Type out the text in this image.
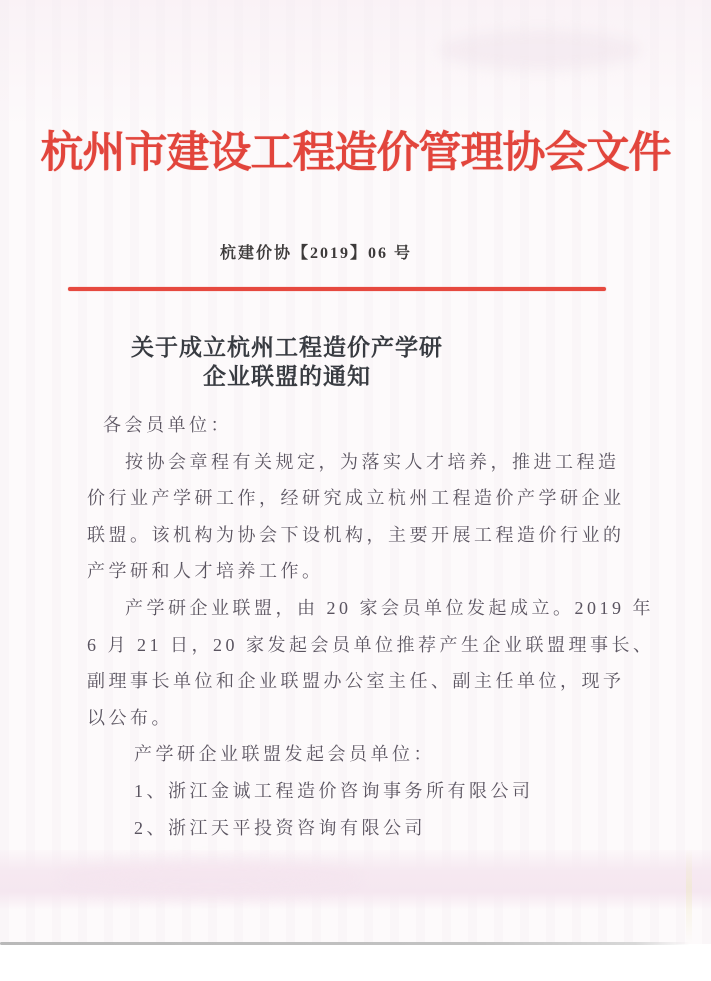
杭州市建设工程造价管理协会文件
杭建价协【2019】06 号
关于成立杭州工程造价产学研
企业联盟的通知
各会员单位：
按协会章程有关规定，为落实人才培养，推进工程造
价行业产学研工作，经研究成立杭州工程造价产学研企业
联盟。该机构为协会下设机构，主要开展工程造价行业的
产学研和人才培养工作。
产学研企业联盟，由 20 家会员单位发起成立。2019 年
6 月 21 日，20 家发起会员单位推荐产生企业联盟理事长、
副理事长单位和企业联盟办公室主任、副主任单位，现予
以公布。
产学研企业联盟发起会员单位：
1、浙江金诚工程造价咨询事务所有限公司
2、浙江天平投资咨询有限公司
